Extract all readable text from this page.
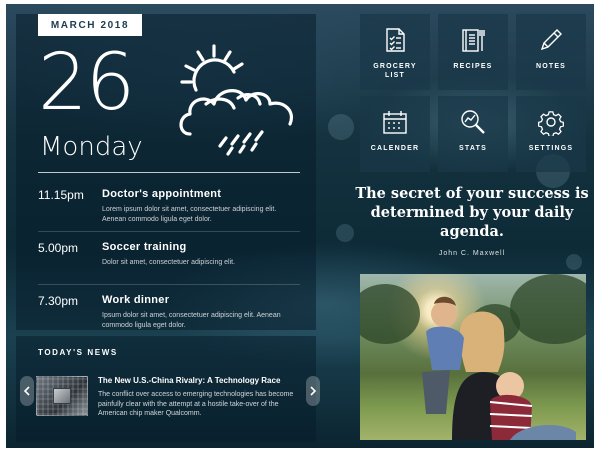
MARCH 2018
26
Monday
11.15pm	Doctor's appointment
Lorem ipsum dolor sit amet, consectetuer adipiscing elit. Aenean commodo ligula eget dolor.
5.00pm	Soccer training
Dolor sit amet, consectetuer adipiscing elit.
7.30pm	Work dinner
Ipsum dolor sit amet, consectetuer adipiscing elit. Aenean commodo ligula eget dolor.
TODAY'S NEWS
The New U.S.-China Rivalry: A Technology Race
The conflict over access to emerging technologies has become painfully clear with the attempt at a hostile take-over of the American chip maker Qualcomm.
GROCERY LIST
RECIPES	NOTES
CALENDER	STATS	SETTINGS
The secret of your success is determined by your daily agenda.
John C. Maxwell
